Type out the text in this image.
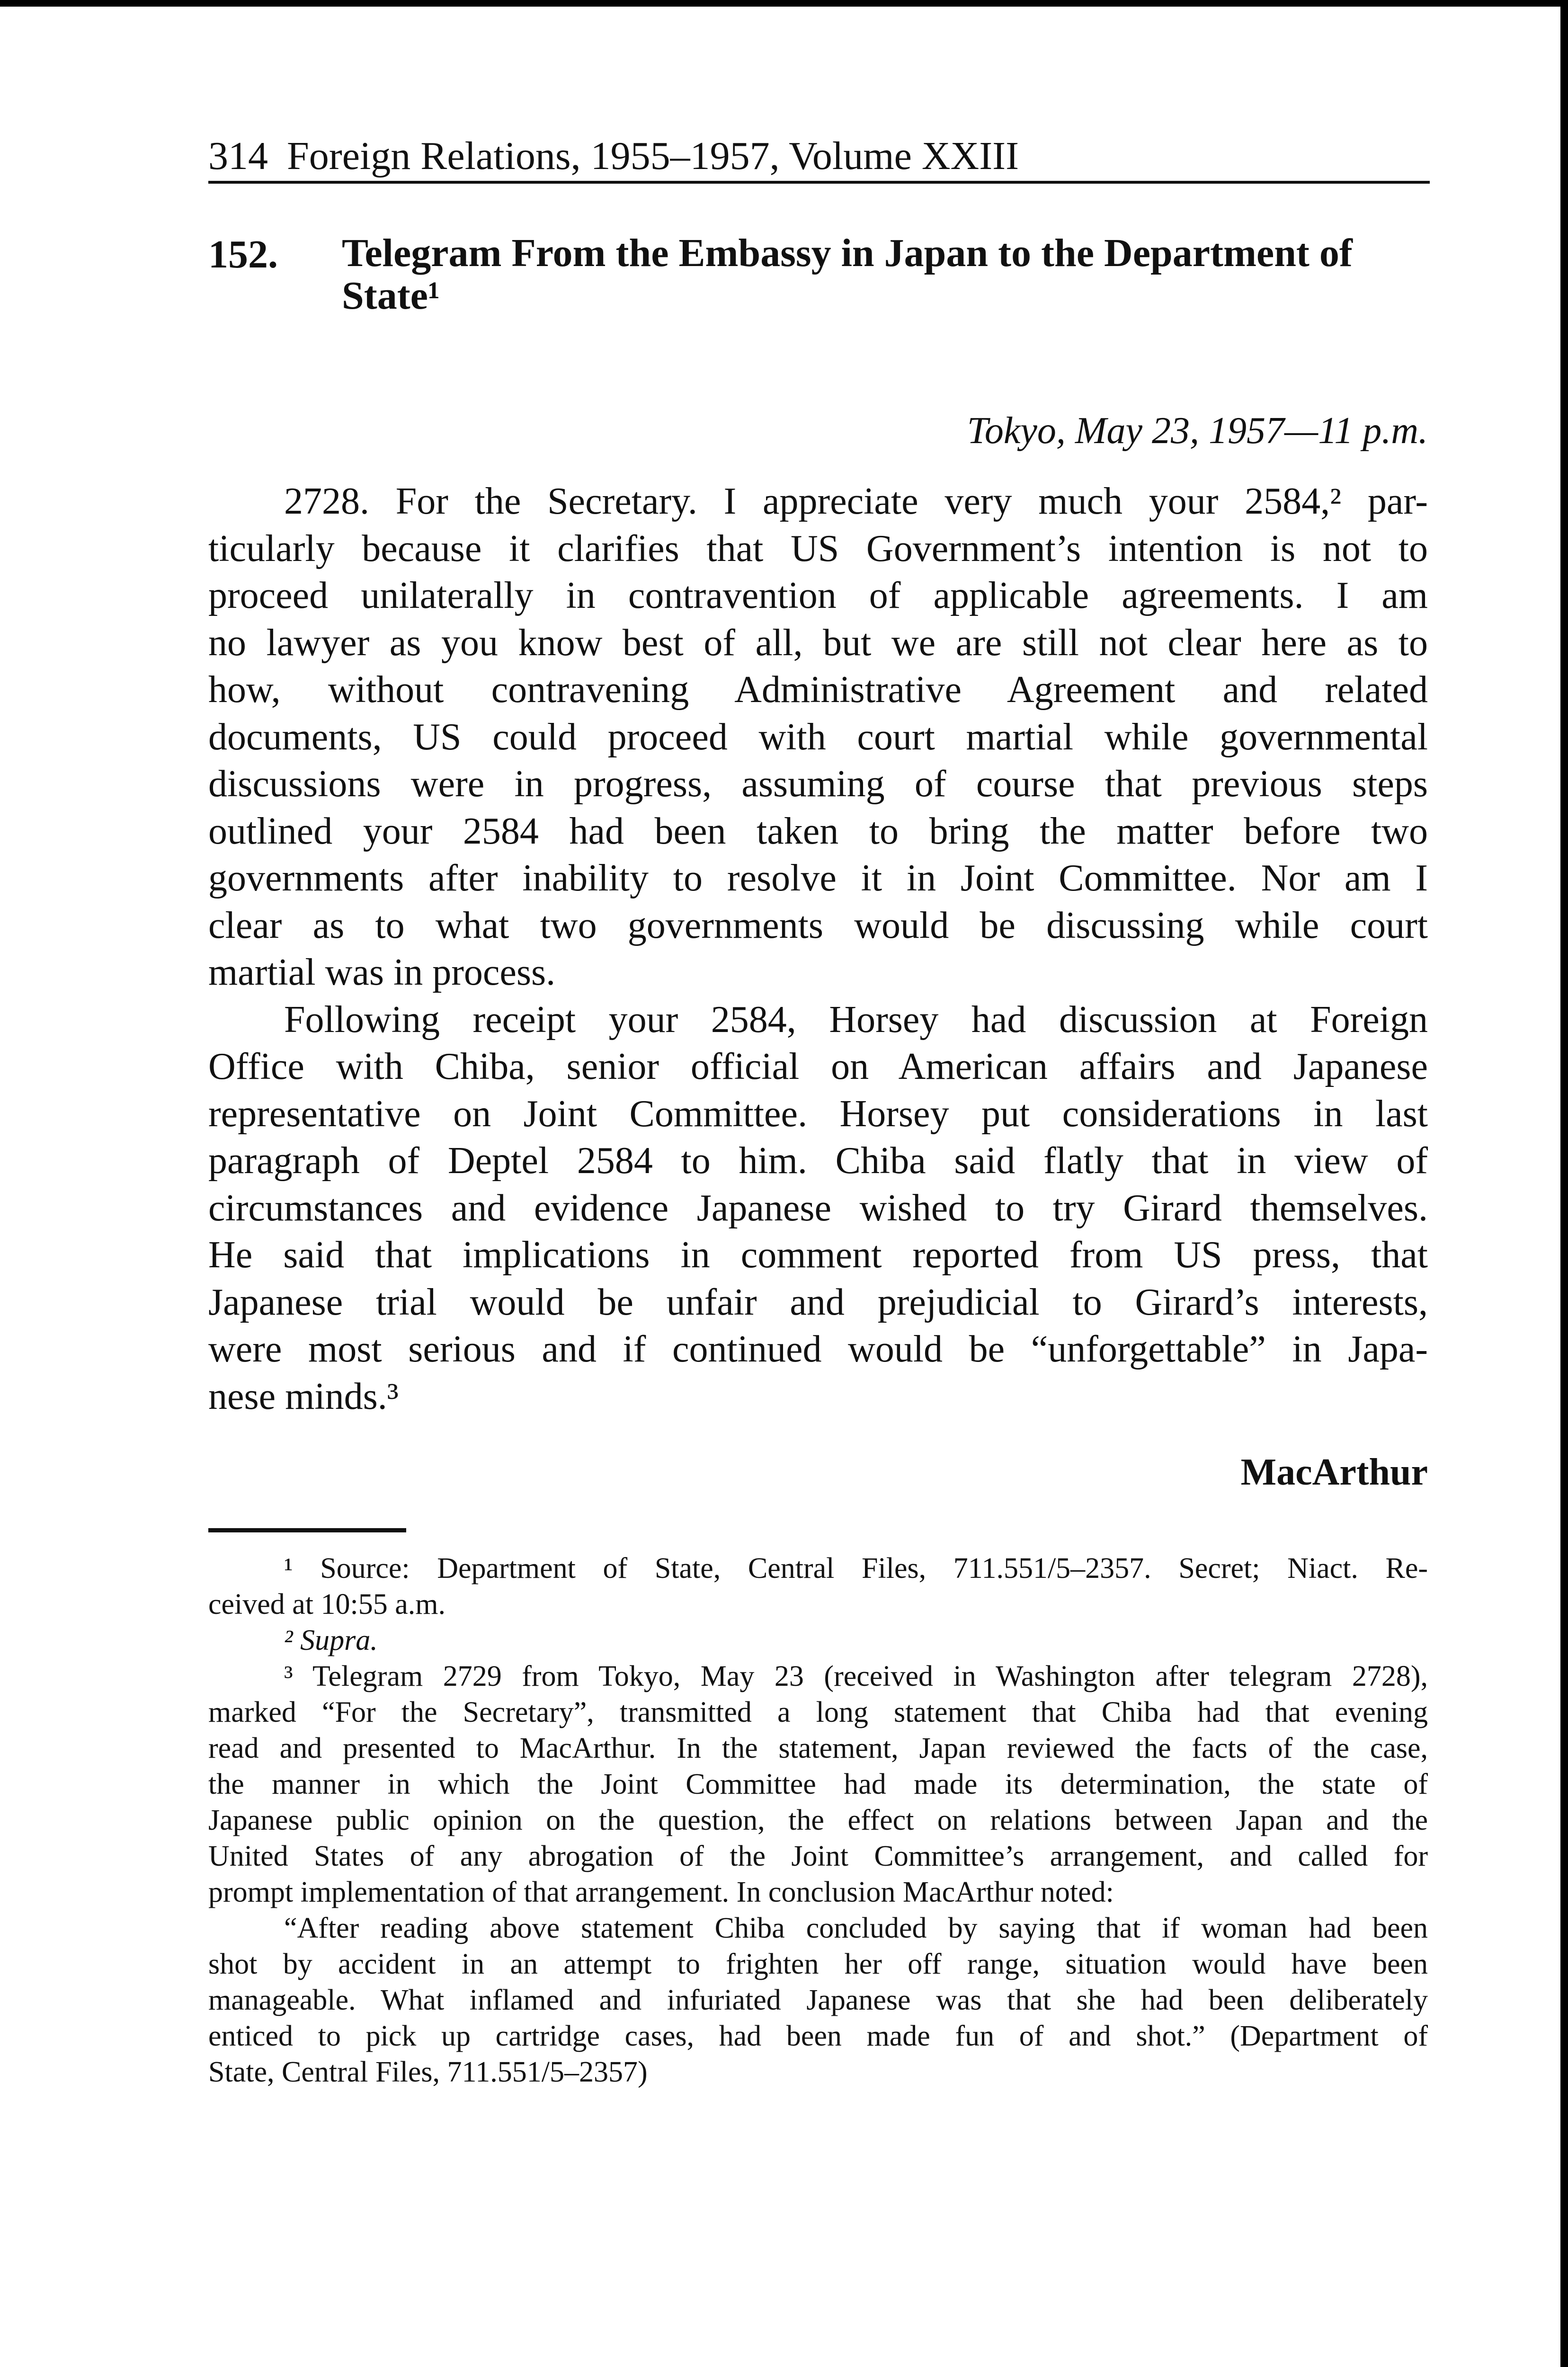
314 Foreign Relations, 1955–1957, Volume XXIII
152. Telegram From the Embassy in Japan to the Department of
State¹
Tokyo, May 23, 1957—11 p.m.
2728. For the Secretary. I appreciate very much your 2584,² par-
ticularly because it clarifies that US Government’s intention is not to
proceed unilaterally in contravention of applicable agreements. I am
no lawyer as you know best of all, but we are still not clear here as to
how, without contravening Administrative Agreement and related
documents, US could proceed with court martial while governmental
discussions were in progress, assuming of course that previous steps
outlined your 2584 had been taken to bring the matter before two
governments after inability to resolve it in Joint Committee. Nor am I
clear as to what two governments would be discussing while court
martial was in process.
Following receipt your 2584, Horsey had discussion at Foreign
Office with Chiba, senior official on American affairs and Japanese
representative on Joint Committee. Horsey put considerations in last
paragraph of Deptel 2584 to him. Chiba said flatly that in view of
circumstances and evidence Japanese wished to try Girard themselves.
He said that implications in comment reported from US press, that
Japanese trial would be unfair and prejudicial to Girard’s interests,
were most serious and if continued would be “unforgettable” in Japa-
nese minds.³
MacArthur
¹ Source: Department of State, Central Files, 711.551/5–2357. Secret; Niact. Re-
ceived at 10:55 a.m.
² Supra.
³ Telegram 2729 from Tokyo, May 23 (received in Washington after telegram 2728),
marked “For the Secretary”, transmitted a long statement that Chiba had that evening
read and presented to MacArthur. In the statement, Japan reviewed the facts of the case,
the manner in which the Joint Committee had made its determination, the state of
Japanese public opinion on the question, the effect on relations between Japan and the
United States of any abrogation of the Joint Committee’s arrangement, and called for
prompt implementation of that arrangement. In conclusion MacArthur noted:
“After reading above statement Chiba concluded by saying that if woman had been
shot by accident in an attempt to frighten her off range, situation would have been
manageable. What inflamed and infuriated Japanese was that she had been deliberately
enticed to pick up cartridge cases, had been made fun of and shot.” (Department of
State, Central Files, 711.551/5–2357)
